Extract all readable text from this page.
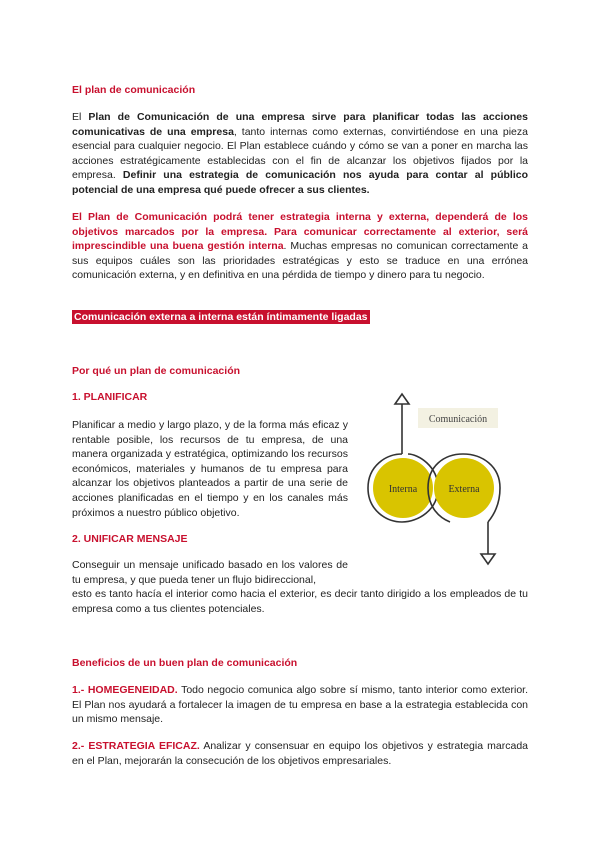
El plan de comunicación
El Plan de Comunicación de una empresa sirve para planificar todas las acciones comunicativas de una empresa, tanto internas como externas, convirtiéndose en una pieza esencial para cualquier negocio. El Plan establece cuándo y cómo se van a poner en marcha las acciones estratégicamente establecidas con el fin de alcanzar los objetivos fijados por la empresa. Definir una estrategia de comunicación nos ayuda para contar al público potencial de una empresa qué puede ofrecer a sus clientes.
El Plan de Comunicación podrá tener estrategia interna y externa, dependerá de los objetivos marcados por la empresa. Para comunicar correctamente al exterior, será imprescindible una buena gestión interna. Muchas empresas no comunican correctamente a sus equipos cuáles son las prioridades estratégicas y esto se traduce en una errónea comunicación externa, y en definitiva en una pérdida de tiempo y dinero para tu negocio.
Comunicación externa a interna están íntimamente ligadas
Por qué un plan de comunicación
1. PLANIFICAR
Planificar a medio y largo plazo, y de la forma más eficaz y rentable posible, los recursos de tu empresa, de una manera organizada y estratégica, optimizando los recursos económicos, materiales y humanos de tu empresa para alcanzar los objetivos planteados a partir de una serie de acciones planificadas en el tiempo y en los canales más próximos a nuestro público objetivo.
2. UNIFICAR MENSAJE
Conseguir un mensaje unificado basado en los valores de tu empresa, y que pueda tener un flujo bidireccional,
esto es tanto hacía el interior como hacia el exterior, es decir tanto dirigido a los empleados de tu empresa como a tus clientes potenciales.
Beneficios de un buen plan de comunicación
1.- HOMEGENEIDAD. Todo negocio comunica algo sobre sí mismo, tanto interior como exterior. El Plan nos ayudará a fortalecer la imagen de tu empresa en base a la estrategia establecida con un mismo mensaje.
2.- ESTRATEGIA EFICAZ. Analizar y consensuar en equipo los objetivos y estrategia marcada en el Plan, mejorarán la consecución de los objetivos empresariales.
Comunicación
Interna	Externa
